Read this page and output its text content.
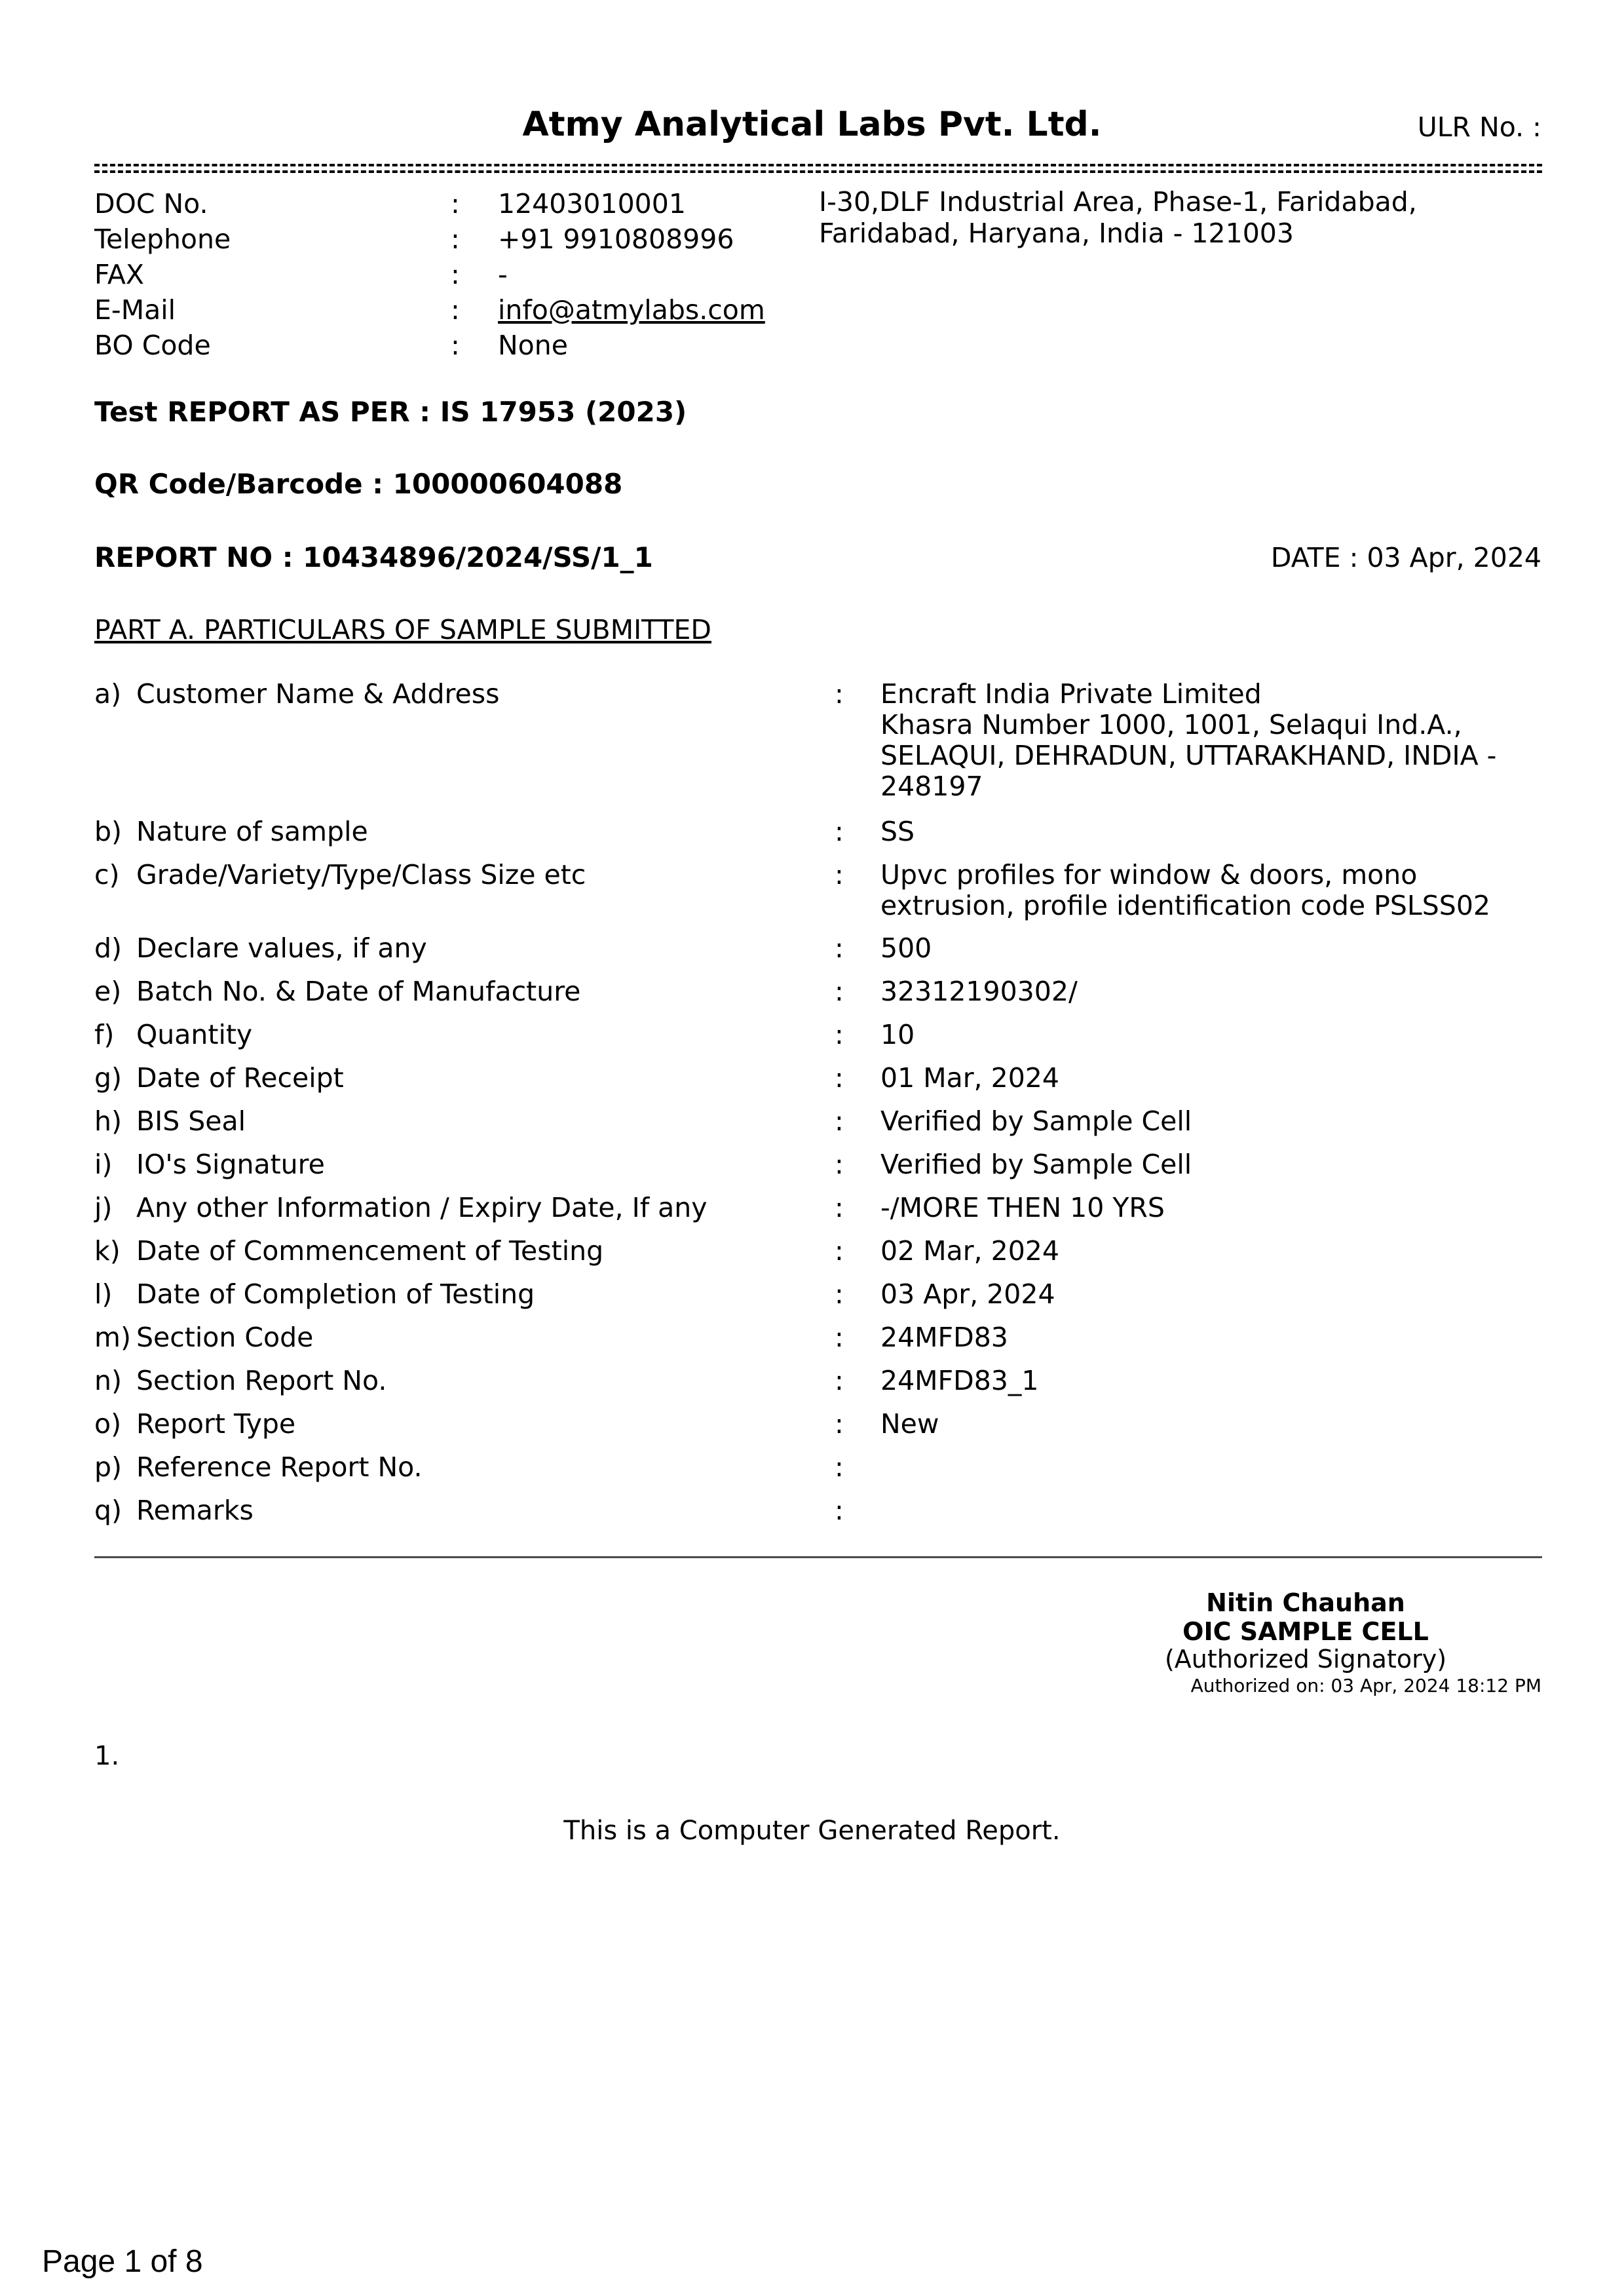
Atmy Analytical Labs Pvt. Ltd.	ULR No. :
DOC No.	: 12403010001
Telephone	: +91 9910808996
FAX	: -
E-Mail	: info@atmylabs.com
BO Code	: None
I-30,DLF Industrial Area, Phase-1, Faridabad, Faridabad, Haryana, India - 121003
Test REPORT AS PER : IS 17953 (2023)
QR Code/Barcode : 100000604088
REPORT NO : 10434896/2024/SS/1_1	DATE : 03 Apr, 2024
PART A. PARTICULARS OF SAMPLE SUBMITTED
a) Customer Name & Address	: Encraft India Private Limited
Khasra Number 1000, 1001, Selaqui Ind.A.,
SELAQUI, DEHRADUN, UTTARAKHAND, INDIA -
248197
b) Nature of sample	: SS
c) Grade/Variety/Type/Class Size etc	: Upvc profiles for window & doors, mono
extrusion, profile identification code PSLSS02
d) Declare values, if any	: 500
e) Batch No. & Date of Manufacture	: 32312190302/
f) Quantity	: 10
g) Date of Receipt	: 01 Mar, 2024
h) BIS Seal	: Verified by Sample Cell
i) IO's Signature	: Verified by Sample Cell
j) Any other Information / Expiry Date, If any	: -/MORE THEN 10 YRS
k) Date of Commencement of Testing	: 02 Mar, 2024
l) Date of Completion of Testing	: 03 Apr, 2024
m) Section Code	: 24MFD83
n) Section Report No.	: 24MFD83_1
o) Report Type	: New
p) Reference Report No.	:
q) Remarks	:
Nitin Chauhan
OIC SAMPLE CELL
(Authorized Signatory)
Authorized on: 03 Apr, 2024 18:12 PM
1.
This is a Computer Generated Report.
Page 1 of 8
